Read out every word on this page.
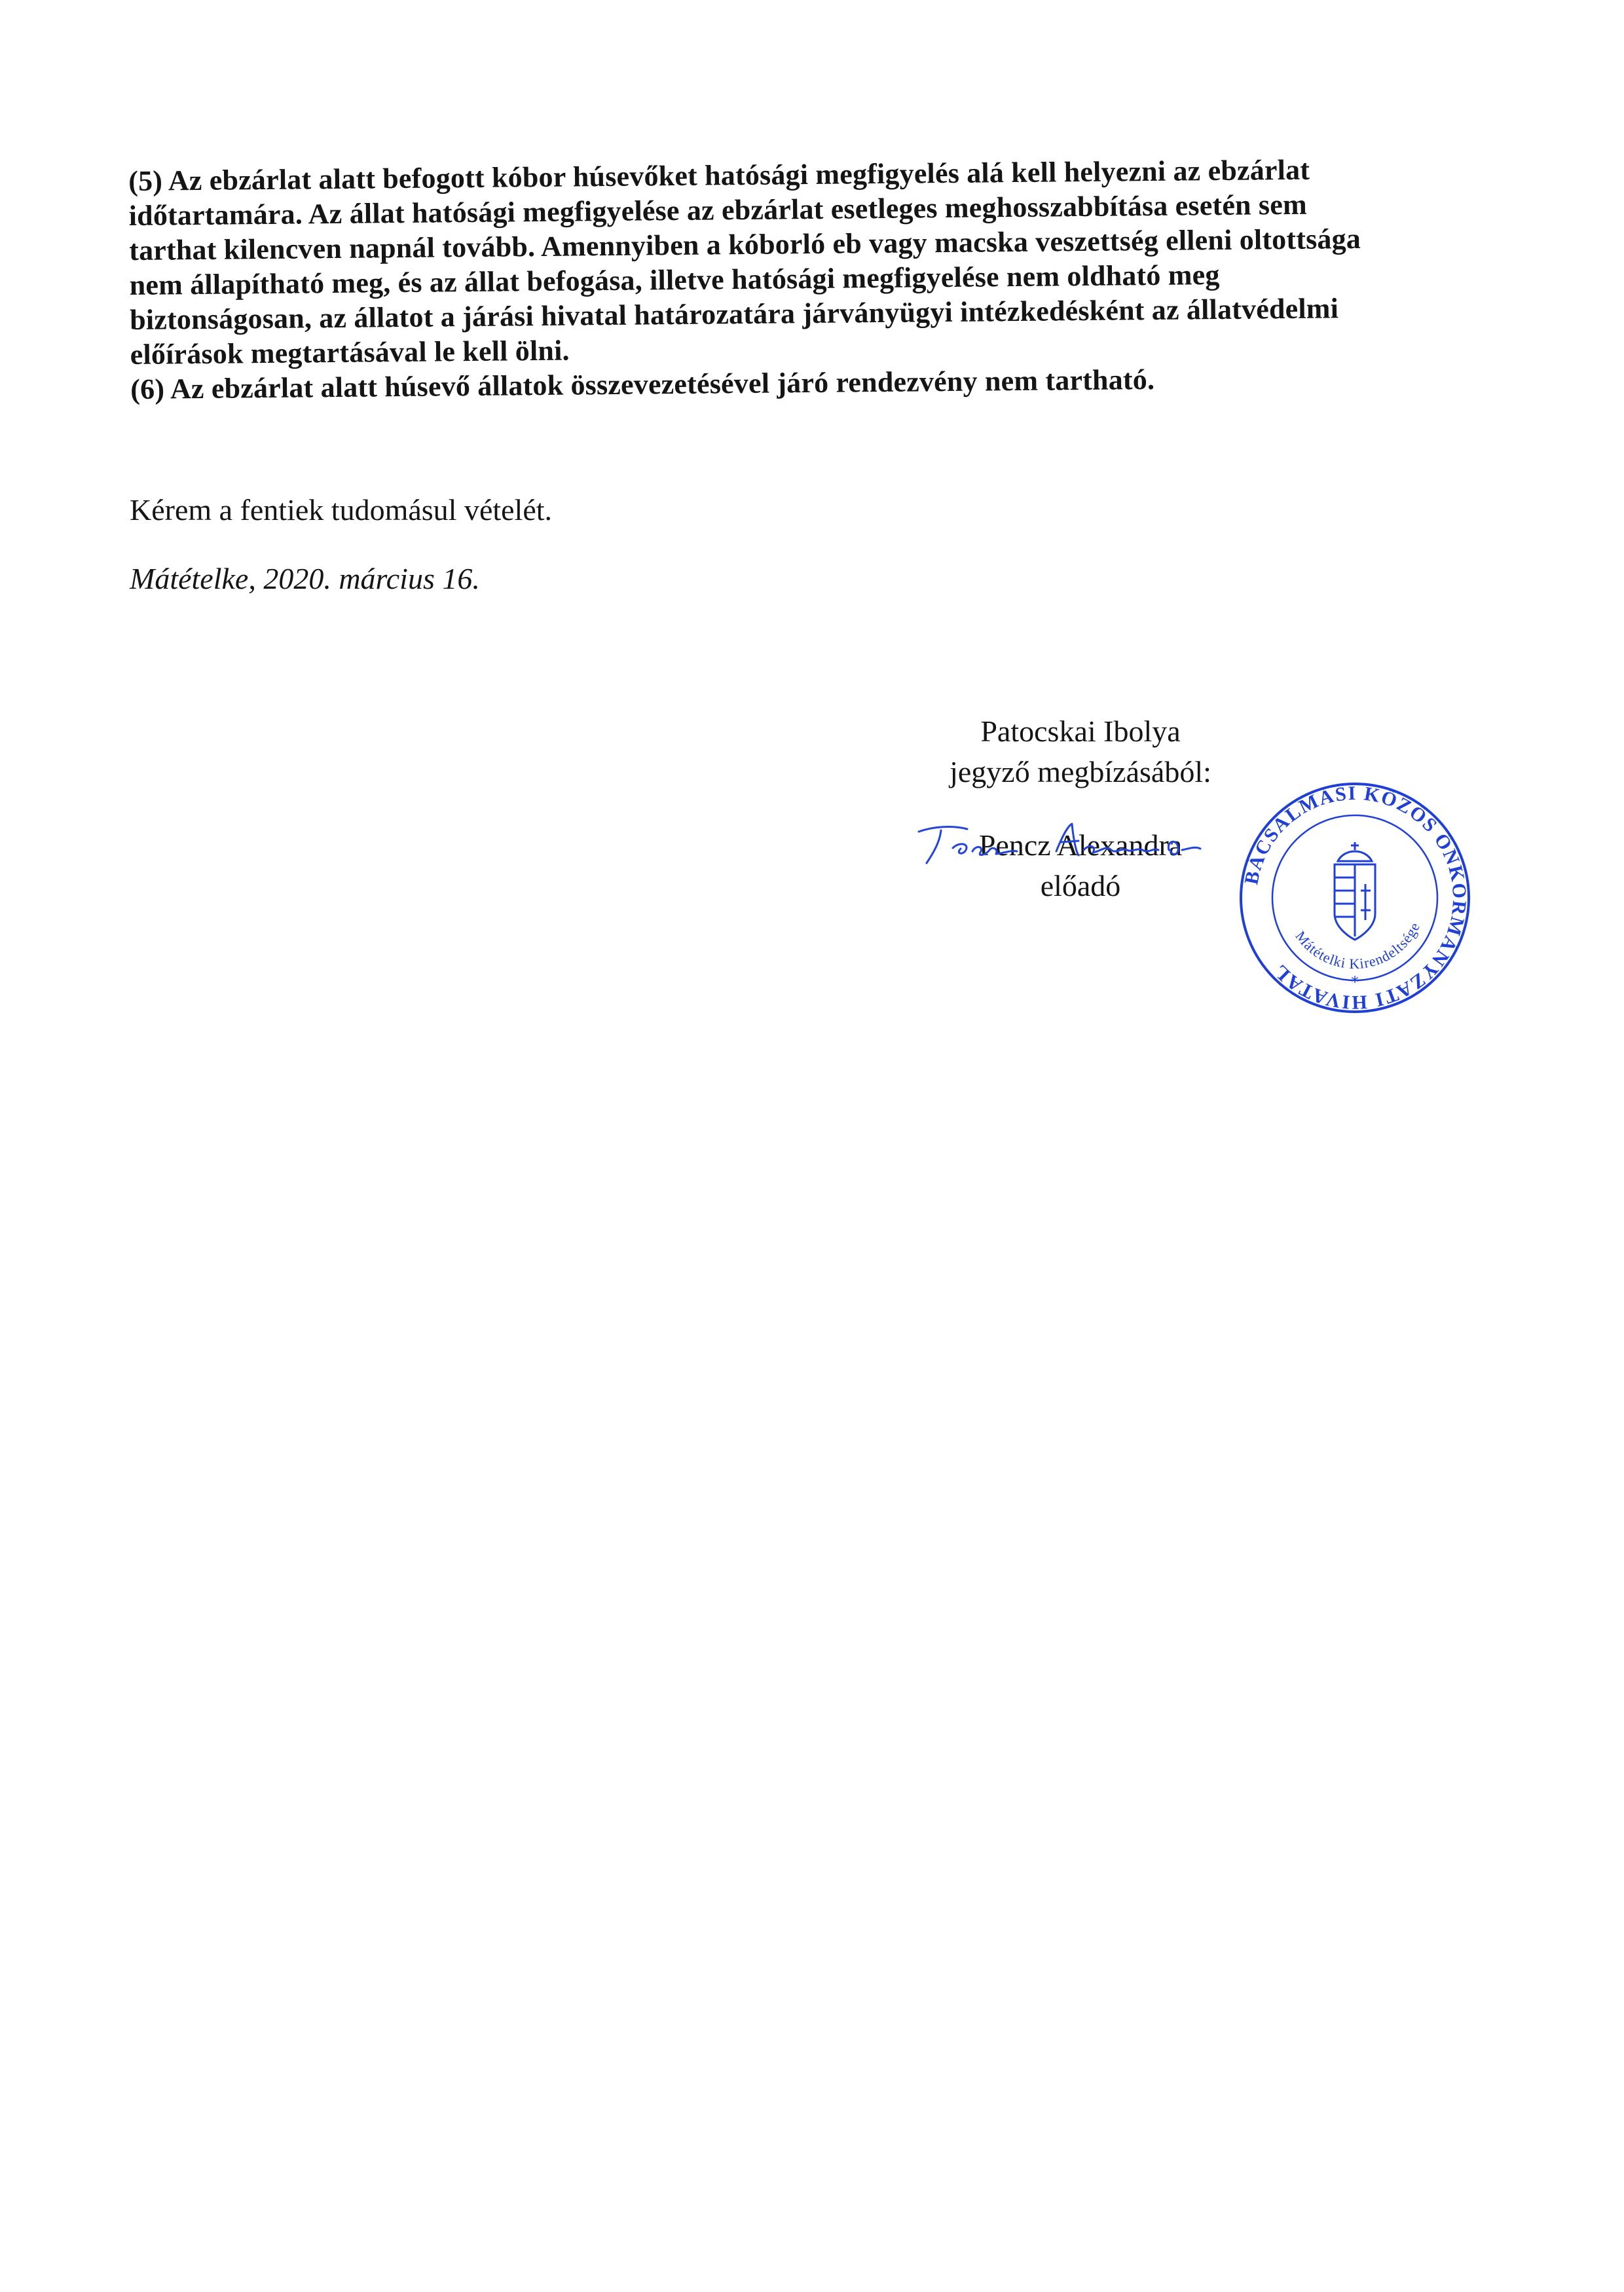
(5) Az ebzárlat alatt befogott kóbor húsevőket hatósági megfigyelés alá kell helyezni az ebzárlat
időtartamára. Az állat hatósági megfigyelése az ebzárlat esetleges meghosszabbítása esetén sem
tarthat kilencven napnál tovább. Amennyiben a kóborló eb vagy macska veszettség elleni oltottsága
nem állapítható meg, és az állat befogása, illetve hatósági megfigyelése nem oldható meg
biztonságosan, az állatot a járási hivatal határozatára járványügyi intézkedésként az állatvédelmi
előírások megtartásával le kell ölni.
(6) Az ebzárlat alatt húsevő állatok összevezetésével járó rendezvény nem tartható.
Kérem a fentiek tudomásul vételét.
Mátételke, 2020. március 16.
Patocskai Ibolya
jegyző megbízásából:
Pencz Alexandra
előadó	BÁCSALMÁSI KÖZÖS ÖNKORMÁNYZATI HIVATAL
Mátételki Kirendeltsége
*
